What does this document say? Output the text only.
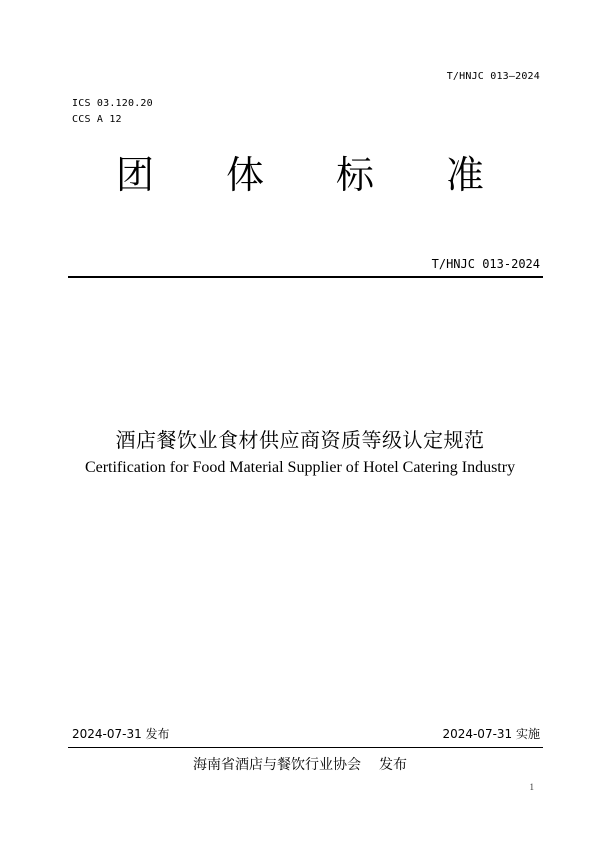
T/HNJC 013—2024
ICS 03.120.20
CCS A 12
团 体 标 准
T/HNJC 013-2024
酒店餐饮业食材供应商资质等级认定规范
Certification for Food Material Supplier of Hotel Catering Industry
2024-07-31 发布	2024-07-31 实施
海南省酒店与餐饮行业协会 发布
1
